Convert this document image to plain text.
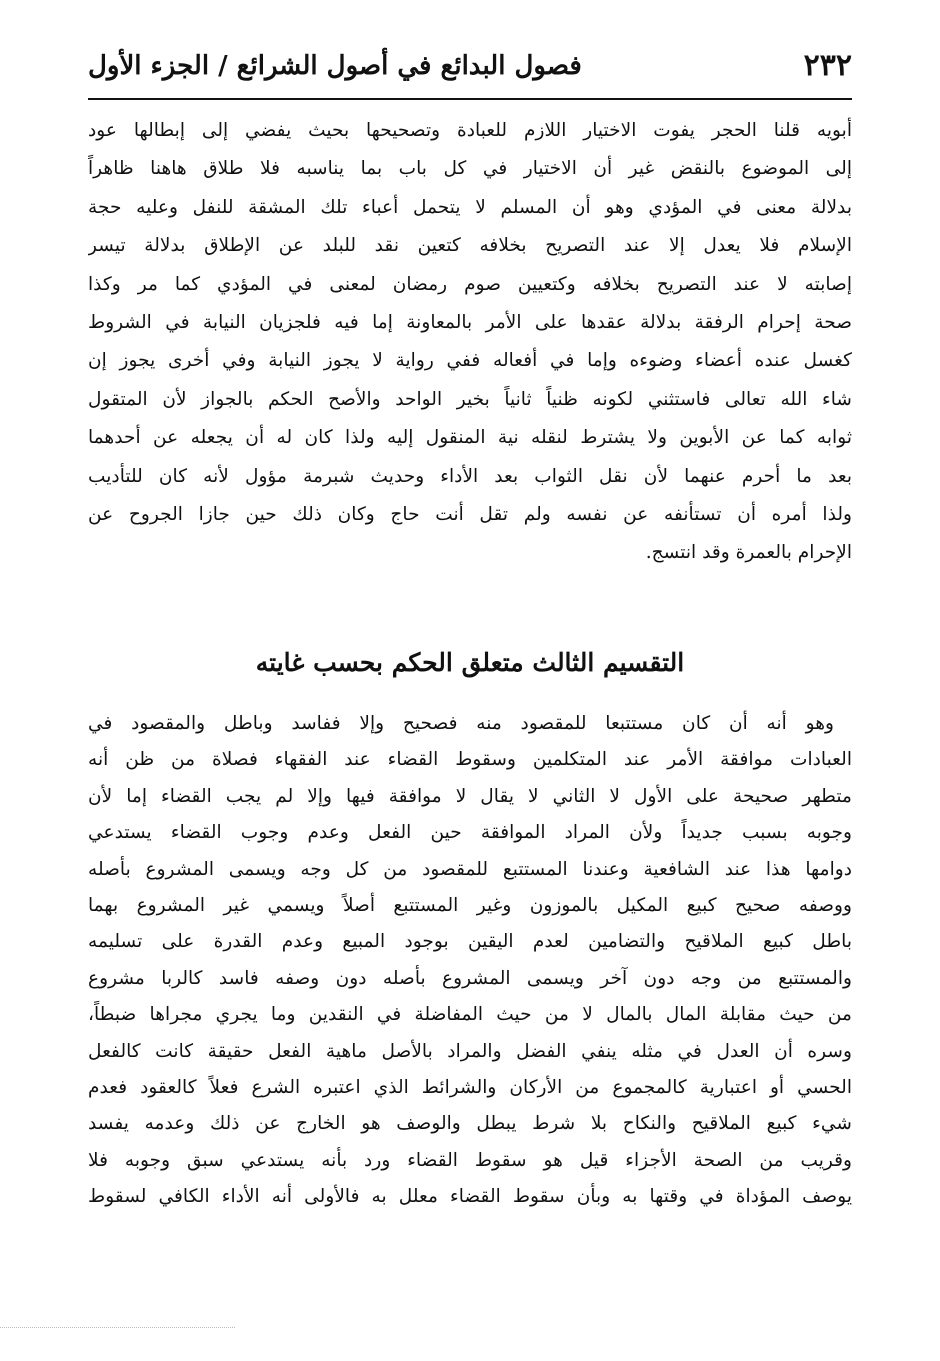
٢٣٢
فصول البدائع في أصول الشرائع / الجزء الأول
أبويه قلنا الحجر يفوت الاختيار اللازم للعبادة وتصحيحها بحيث يفضي إلى إبطالها عود
إلى الموضوع بالنقض غير أن الاختيار في كل باب بما يناسبه فلا طلاق هاهنا ظاهراً
بدلالة معنى في المؤدي وهو أن المسلم لا يتحمل أعباء تلك المشقة للنفل وعليه حجة
الإسلام فلا يعدل إلا عند التصريح بخلافه كتعين نقد للبلد عن الإطلاق بدلالة تيسر
إصابته لا عند التصريح بخلافه وكتعيين صوم رمضان لمعنى في المؤدي كما مر وكذا
صحة إحرام الرفقة بدلالة عقدها على الأمر بالمعاونة إما فيه فلجزيان النيابة في الشروط
كغسل عنده أعضاء وضوءه وإما في أفعاله ففي رواية لا يجوز النيابة وفي أخرى يجوز إن
شاء الله تعالى فاستثني لكونه ظنياً ثانياً بخير الواحد والأصح الحكم بالجواز لأن المتقول
ثوابه كما عن الأبوين ولا يشترط لنقله نية المنقول إليه ولذا كان له أن يجعله عن أحدهما
بعد ما أحرم عنهما لأن نقل الثواب بعد الأداء وحديث شبرمة مؤول لأنه كان للتأديب
ولذا أمره أن تستأنفه عن نفسه ولم تقل أنت حاج وكان ذلك حين جازا الجروح عن
الإحرام بالعمرة وقد انتسج.
التقسيم الثالث متعلق الحكم بحسب غايته
وهو أنه أن كان مستتبعا للمقصود منه فصحيح وإلا ففاسد وباطل والمقصود في
العبادات موافقة الأمر عند المتكلمين وسقوط القضاء عند الفقهاء فصلاة من ظن أنه
متطهر صحيحة على الأول لا الثاني لا يقال لا موافقة فيها وإلا لم يجب القضاء إما لأن
وجوبه بسبب جديداً ولأن المراد الموافقة حين الفعل وعدم وجوب القضاء يستدعي
دوامها هذا عند الشافعية وعندنا المستتبع للمقصود من كل وجه ويسمى المشروع بأصله
ووصفه صحيح كبيع المكيل بالموزون وغير المستتبع أصلاً ويسمي غير المشروع بهما
باطل كبيع الملاقيح والتضامين لعدم اليقين بوجود المبيع وعدم القدرة على تسليمه
والمستتبع من وجه دون آخر ويسمى المشروع بأصله دون وصفه فاسد كالربا مشروع
من حيث مقابلة المال بالمال لا من حيث المفاضلة في النقدين وما يجري مجراها ضبطاً،
وسره أن العدل في مثله ينفي الفضل والمراد بالأصل ماهية الفعل حقيقة كانت كالفعل
الحسي أو اعتبارية كالمجموع من الأركان والشرائط الذي اعتبره الشرع فعلاً كالعقود فعدم
شيء كبيع الملاقيح والنكاح بلا شرط يبطل والوصف هو الخارج عن ذلك وعدمه يفسد
وقريب من الصحة الأجزاء قيل هو سقوط القضاء ورد بأنه يستدعي سبق وجوبه فلا
يوصف المؤداة في وقتها به وبأن سقوط القضاء معلل به فالأولى أنه الأداء الكافي لسقوط
